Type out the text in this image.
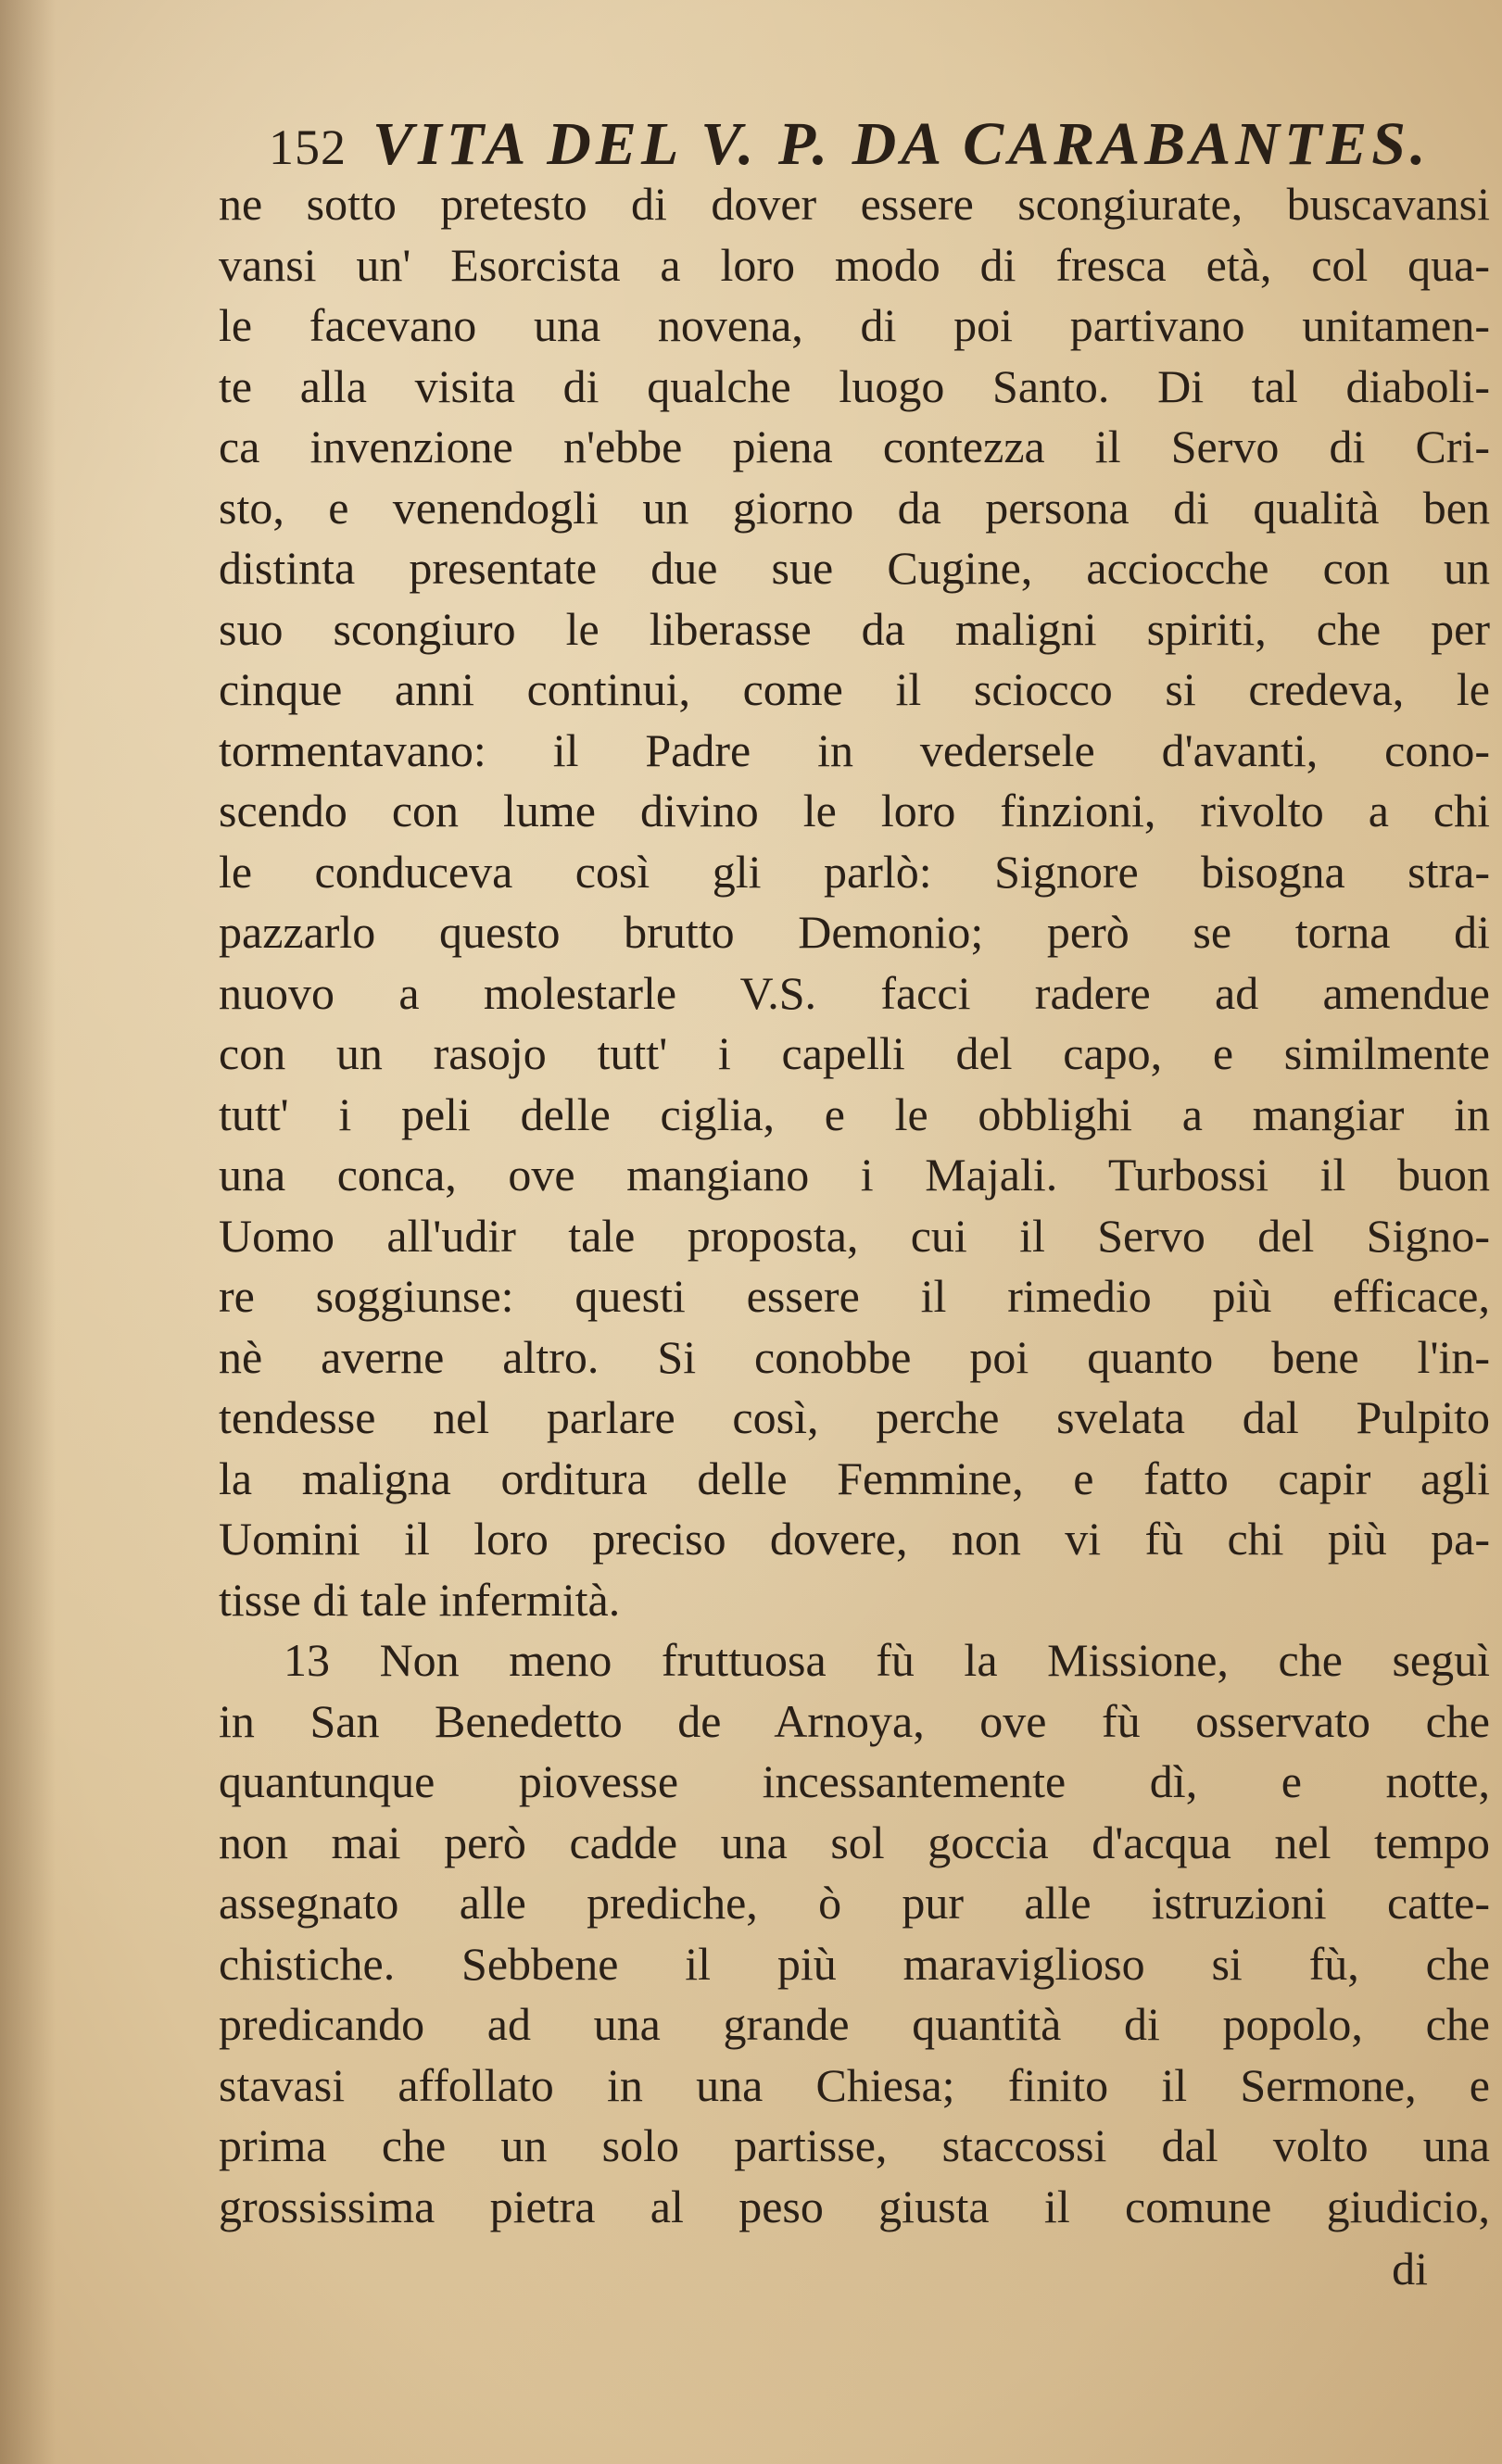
152 VITA DEL V. P. DA CARABANTES.
ne sotto pretesto di dover essere scongiurate, buscavansi
vansi un' Esorcista a loro modo di fresca età, col qua-
le facevano una novena, di poi partivano unitamen-
te alla visita di qualche luogo Santo. Di tal diaboli-
ca invenzione n'ebbe piena contezza il Servo di Cri-
sto, e venendogli un giorno da persona di qualità ben
distinta presentate due sue Cugine, acciocche con un
suo scongiuro le liberasse da maligni spiriti, che per
cinque anni continui, come il sciocco si credeva, le
tormentavano: il Padre in vedersele d'avanti, cono-
scendo con lume divino le loro finzioni, rivolto a chi
le conduceva così gli parlò: Signore bisogna stra-
pazzarlo questo brutto Demonio; però se torna di
nuovo a molestarle V.S. facci radere ad amendue
con un rasojo tutt' i capelli del capo, e similmente
tutt' i peli delle ciglia, e le obblighi a mangiar in
una conca, ove mangiano i Majali. Turbossi il buon
Uomo all'udir tale proposta, cui il Servo del Signo-
re soggiunse: questi essere il rimedio più efficace,
nè averne altro. Si conobbe poi quanto bene l'in-
tendesse nel parlare così, perche svelata dal Pulpito
la maligna orditura delle Femmine, e fatto capir agli
Uomini il loro preciso dovere, non vi fù chi più pa-
tisse di tale infermità.
13 Non meno fruttuosa fù la Missione, che seguì
in San Benedetto de Arnoya, ove fù osservato che
quantunque piovesse incessantemente dì, e notte,
non mai però cadde una sol goccia d'acqua nel tempo
assegnato alle prediche, ò pur alle istruzioni catte-
chistiche. Sebbene il più maraviglioso si fù, che
predicando ad una grande quantità di popolo, che
stavasi affollato in una Chiesa; finito il Sermone, e
prima che un solo partisse, staccossi dal volto una
grossissima pietra al peso giusta il comune giudicio,
di
